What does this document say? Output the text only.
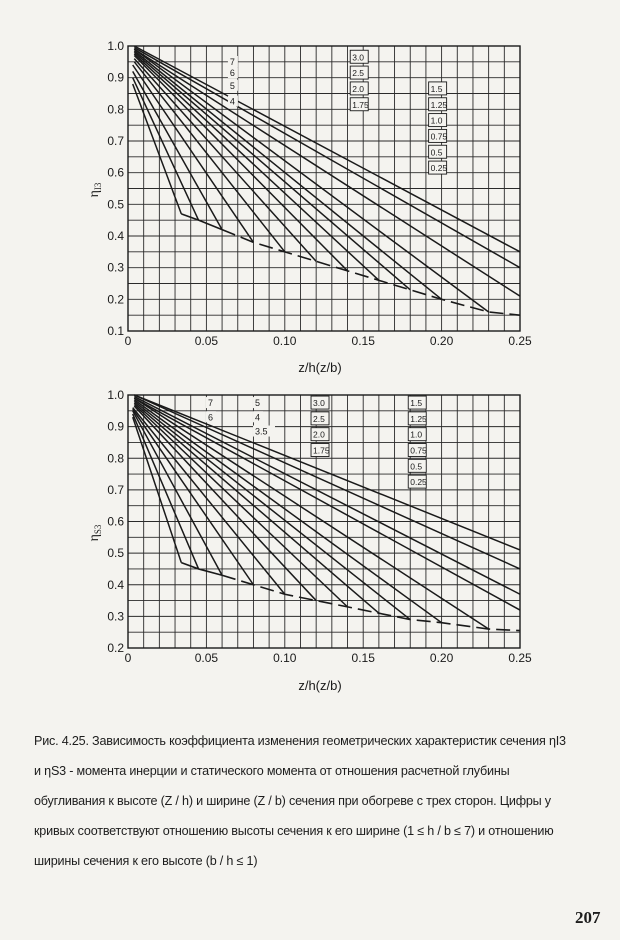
0.1
0.2
0.3
0.4
0.5
0.6
0.7
0.8
0.9
1.0
0	0.05	0.10	0.15	0.20	0.25
z/h(z/b)
$\eta_{I3}$
7
6
5
4
3.0
2.5
2.0
1.75
1.5
1.25
1.0
0.75
0.5
0.25
0.2
0.3
0.4
0.5
0.6
0.7
0.8
0.9
1.0
0	0.05	0.10	0.15	0.20	0.25
z/h(z/b)
$\eta_{S3}$
7
6
5
4
3.5
3.0
2.5
2.0
1.75
1.5
1.25
1.0
0.75
0.5
0.25
Рис. 4.25. Зависимость коэффициента изменения геометрических характеристик сечения ηI3
и ηS3 - момента инерции и статического момента от отношения расчетной глубины
обугливания к высоте (Z / h) и ширине (Z / b) сечения при обогреве с трех сторон. Цифры у
кривых соответствуют отношению высоты сечения к его ширине (1 ≤ h / b ≤ 7) и отношению
ширины сечения к его высоте (b / h ≤ 1)
207
